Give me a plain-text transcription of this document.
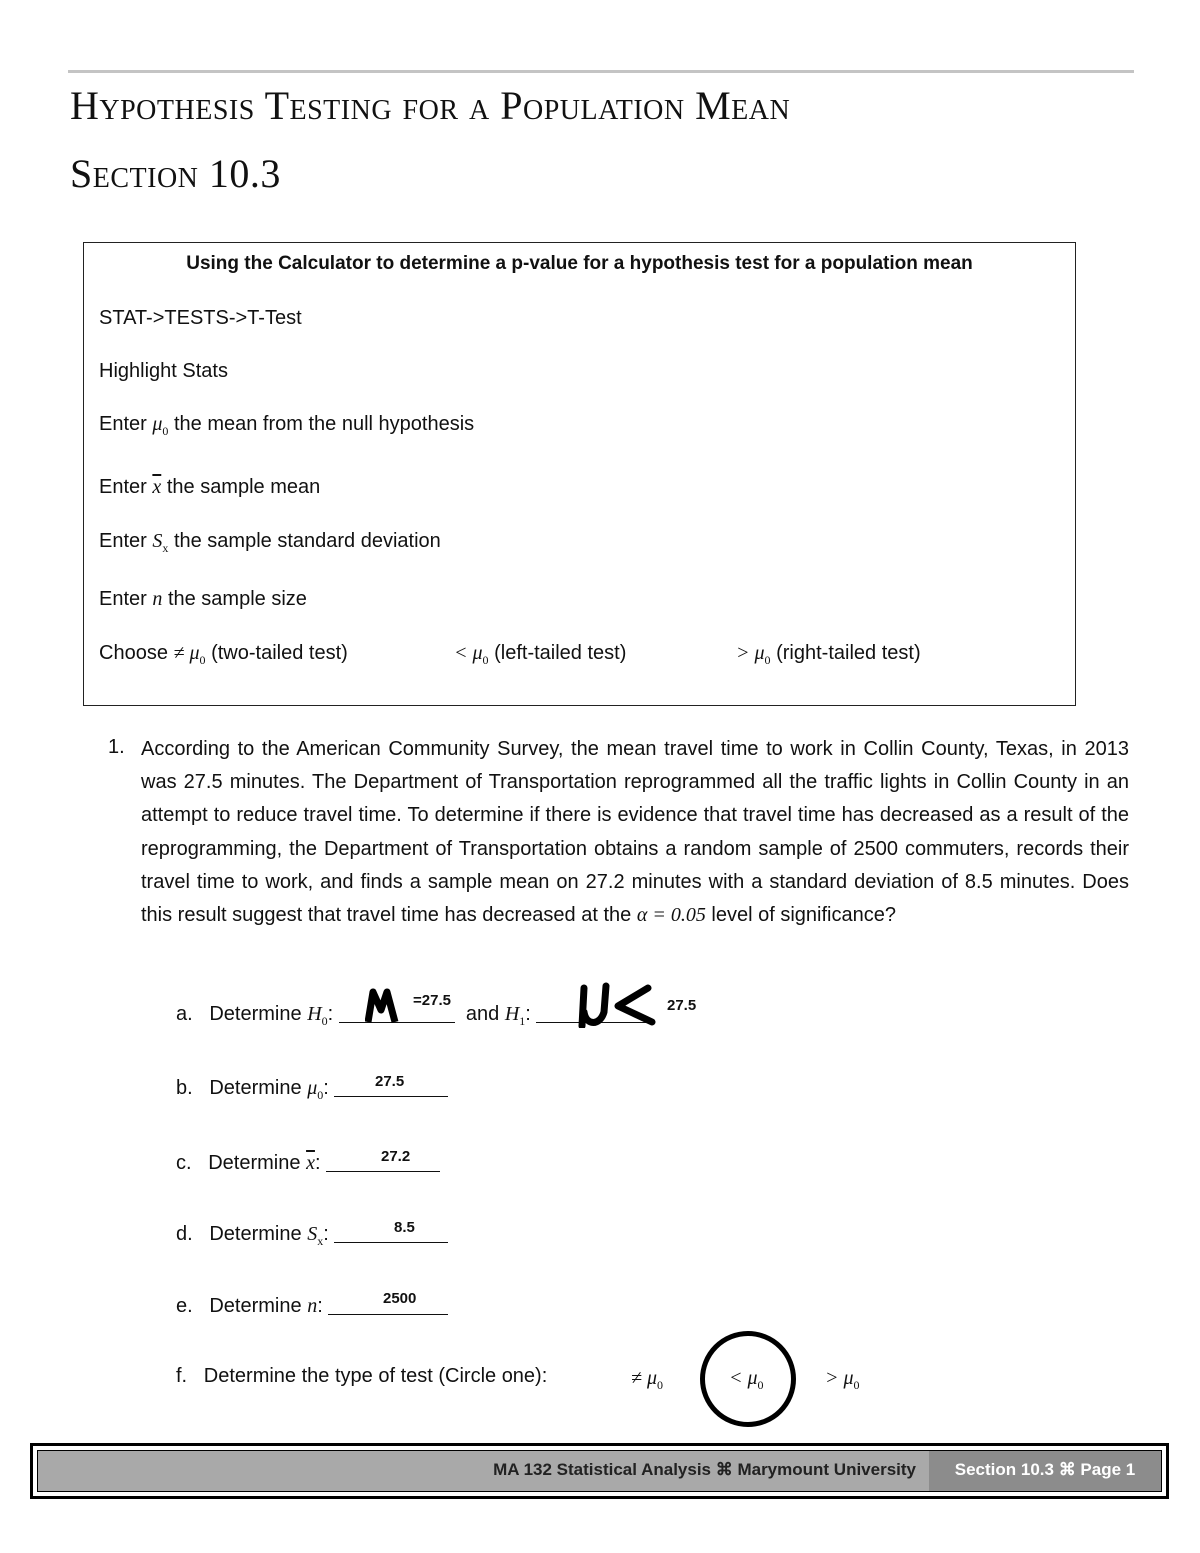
Hypothesis Testing for a Population Mean
Section 10.3
Using the Calculator to determine a p-value for a hypothesis test for a population mean
STAT->TESTS->T-Test
Highlight Stats
Enter $\mu_0$ the mean from the null hypothesis
Enter $\overline{x}$ the sample mean
Enter $S_x$ the sample standard deviation
Enter n the sample size
Choose ≠ $\mu_0$ (two-tailed test)	< $\mu_0$ (left-tailed test)	> $\mu_0$ (right-tailed test)
1. According to the American Community Survey, the mean travel time to work in Collin County, Texas, in 2013 was 27.5 minutes. The Department of Transportation reprogrammed all the traffic lights in Collin County in an attempt to reduce travel time. To determine if there is evidence that travel time has decreased as a result of the reprogramming, the Department of Transportation obtains a random sample of 2500 commuters, records their travel time to work, and finds a sample mean on 27.2 minutes with a standard deviation of 8.5 minutes. Does this result suggest that travel time has decreased at the α = 0.05 level of significance?
a. Determine $H_0$:	and $H_1$:
=27.5	27.5
b. Determine $\mu_0$:	27.5
c. Determine $\overline{x}$:	27.2
d. Determine $S_x$:	8.5
e. Determine n:	2500
f. Determine the type of test (Circle one):	≠ $\mu_0$	< $\mu_0$	> $\mu_0$
MA 132 Statistical Analysis ⌘ Marymount University	Section 10.3 ⌘ Page 1
